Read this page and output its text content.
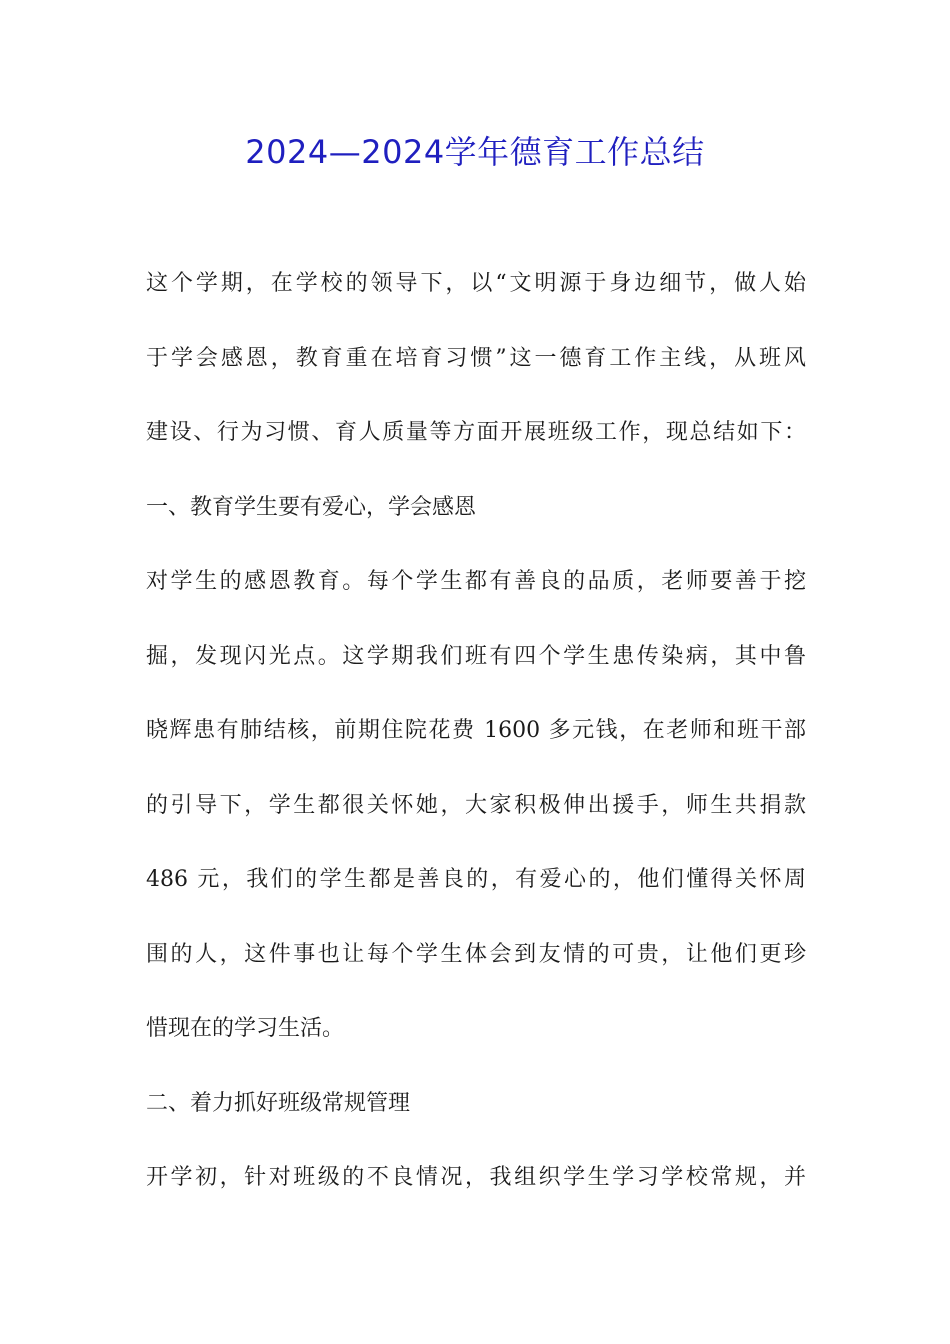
2024—2024学年德育工作总结
这个学期，在学校的领导下，以“文明源于身边细节，做人始
于学会感恩，教育重在培育习惯”这一德育工作主线，从班风
建设、行为习惯、育人质量等方面开展班级工作，现总结如下：
一、教育学生要有爱心，学会感恩
对学生的感恩教育。每个学生都有善良的品质，老师要善于挖
掘，发现闪光点。这学期我们班有四个学生患传染病，其中鲁
晓辉患有肺结核，前期住院花费 1600 多元钱，在老师和班干部
的引导下，学生都很关怀她，大家积极伸出援手，师生共捐款
486 元，我们的学生都是善良的，有爱心的，他们懂得关怀周
围的人，这件事也让每个学生体会到友情的可贵，让他们更珍
惜现在的学习生活。
二、着力抓好班级常规管理
开学初，针对班级的不良情况，我组织学生学习学校常规，并
